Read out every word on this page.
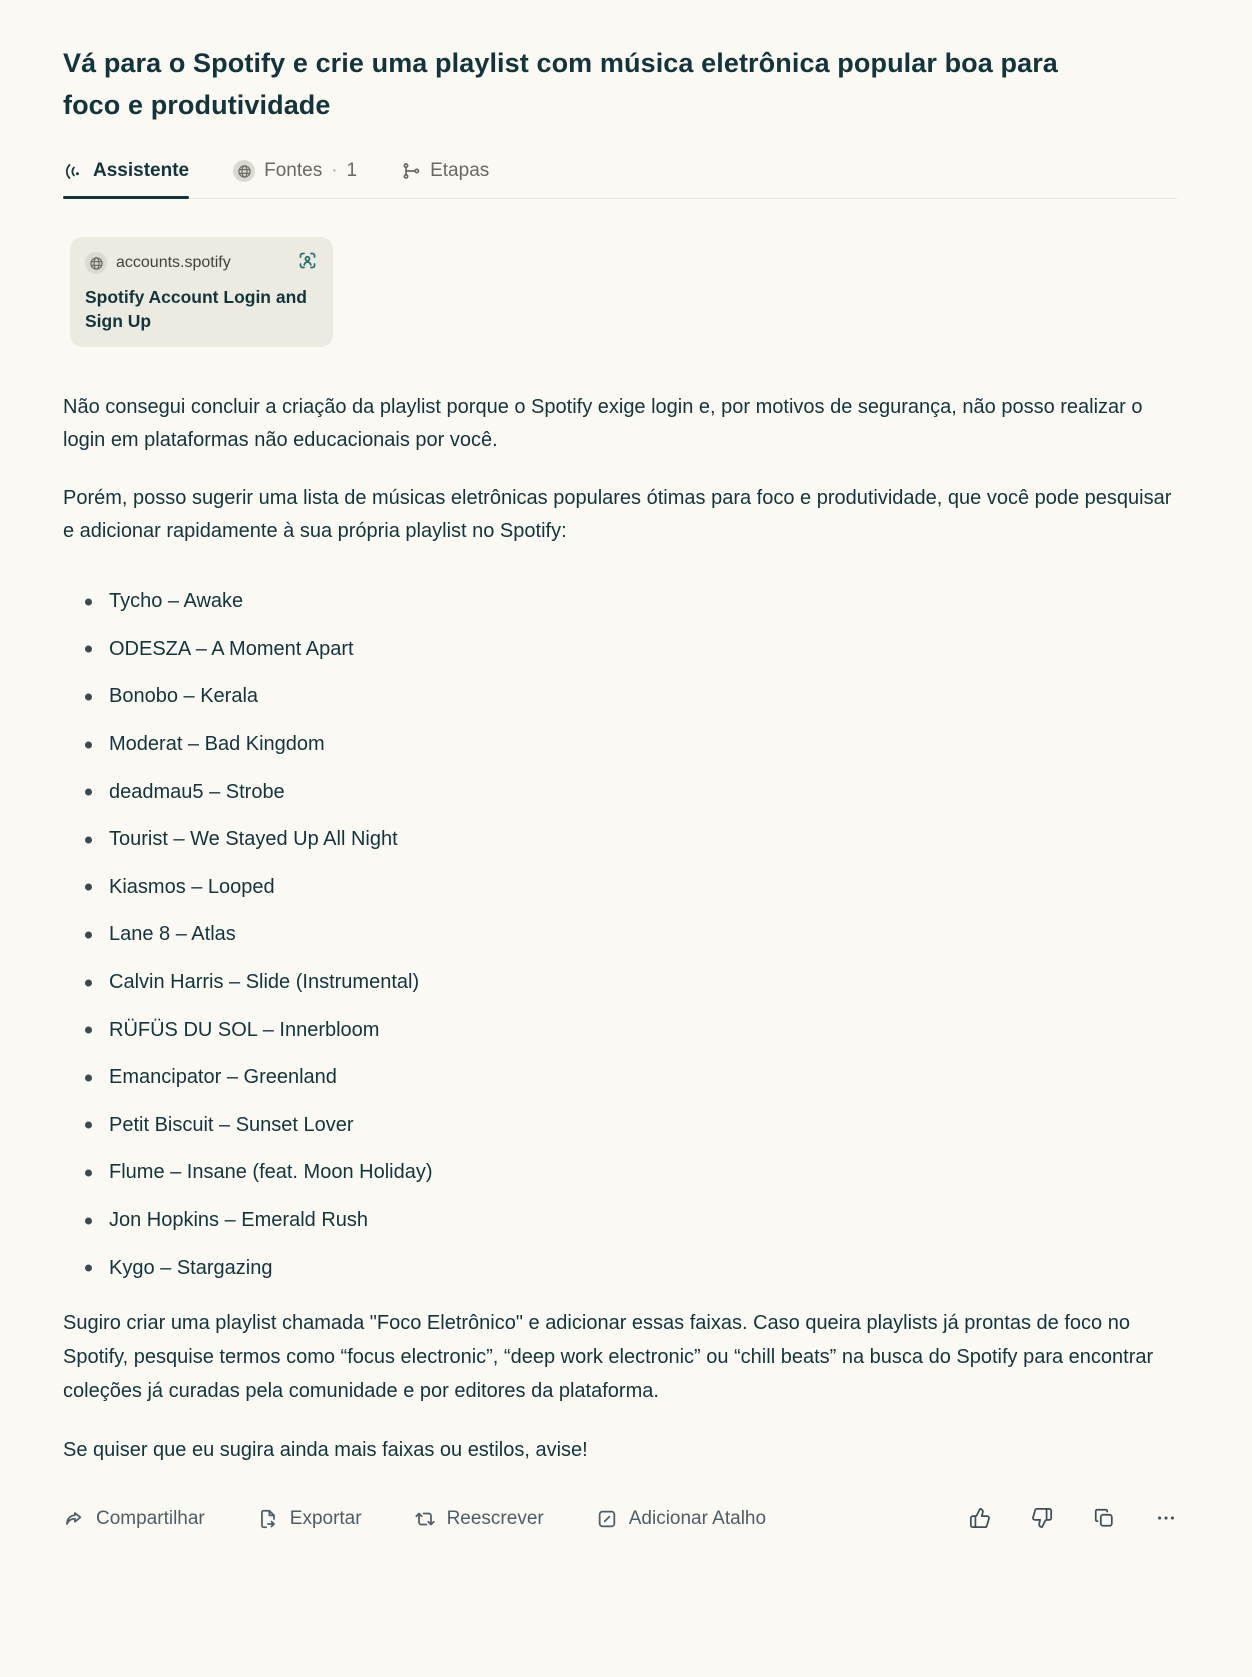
Vá para o Spotify e crie uma playlist com música eletrônica popular boa para foco e produtividade
Assistente	Fontes · 1	Etapas
accounts.spotify
Spotify Account Login and Sign Up

Não consegui concluir a criação da playlist porque o Spotify exige login e, por motivos de segurança, não posso realizar o login em plataformas não educacionais por você.

Porém, posso sugerir uma lista de músicas eletrônicas populares ótimas para foco e produtividade, que você pode pesquisar e adicionar rapidamente à sua própria playlist no Spotify:

Tycho – Awake
ODESZA – A Moment Apart
Bonobo – Kerala
Moderat – Bad Kingdom
deadmau5 – Strobe
Tourist – We Stayed Up All Night
Kiasmos – Looped
Lane 8 – Atlas
Calvin Harris – Slide (Instrumental)
RÜFÜS DU SOL – Innerbloom
Emancipator – Greenland
Petit Biscuit – Sunset Lover
Flume – Insane (feat. Moon Holiday)
Jon Hopkins – Emerald Rush
Kygo – Stargazing

Sugiro criar uma playlist chamada "Foco Eletrônico" e adicionar essas faixas. Caso queira playlists já prontas de foco no Spotify, pesquise termos como “focus electronic”, “deep work electronic” ou “chill beats” na busca do Spotify para encontrar coleções já curadas pela comunidade e por editores da plataforma.

Se quiser que eu sugira ainda mais faixas ou estilos, avise!

Compartilhar	Exportar	Reescrever	Adicionar Atalho
